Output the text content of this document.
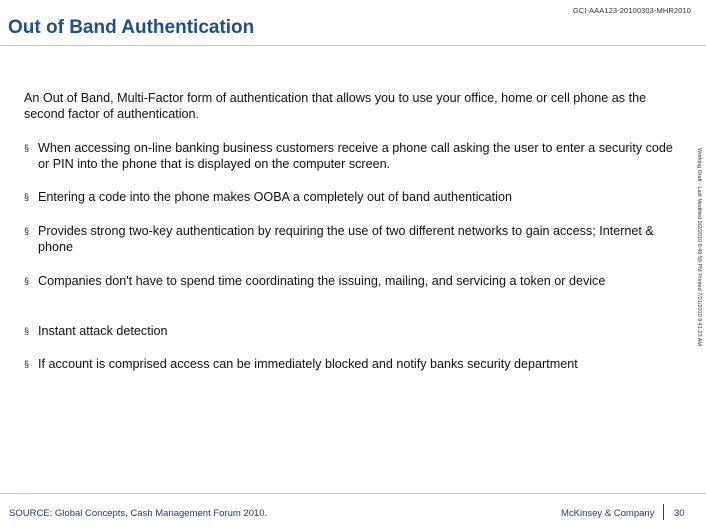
GCI-AAA123-20100303-MHR2010
Out of Band Authentication
An Out of Band, Multi-Factor form of authentication that allows you to use your office, home or cell phone as the second factor of authentication.
§ When accessing on-line banking business customers receive a phone call asking the user to enter a security code or PIN into the phone that is displayed on the computer screen.
§ Entering a code into the phone makes OOBA a completely out of band authentication
§ Provides strong two-key authentication by requiring the use of two different networks to gain access; Internet & phone
§ Companies don't have to spend time coordinating the issuing, mailing, and servicing a token or device
§ Instant attack detection
§ If account is comprised access can be immediately blocked and notify banks security department
Working Draft - Last Modified 3/2/2010 6:49:59 PM Printed 7/21/2010 9:41:23 AM
SOURCE: Global Concepts, Cash Management Forum 2010.	McKinsey & Company 30
